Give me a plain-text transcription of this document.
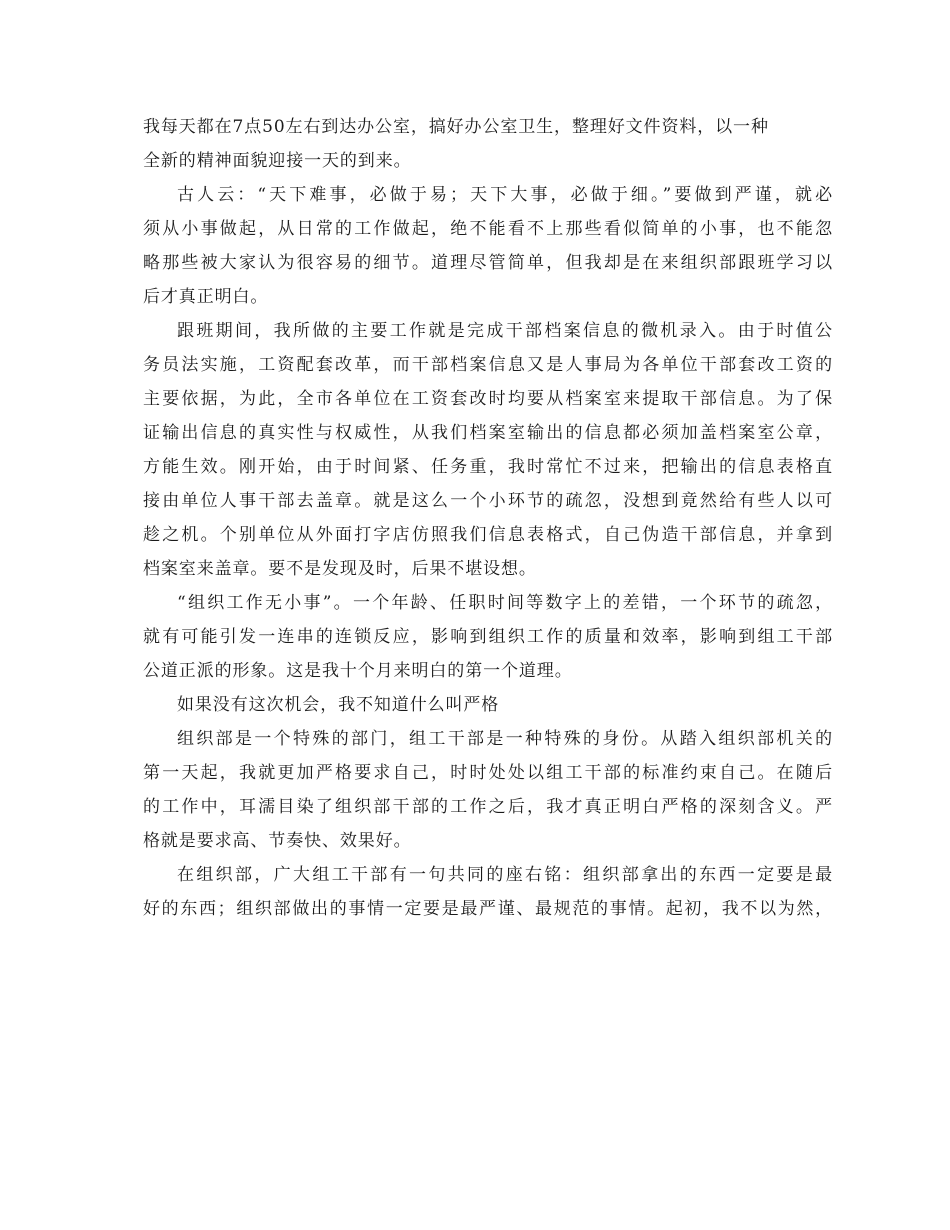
我每天都在7点50左右到达办公室，搞好办公室卫生，整理好文件资料，以一种
全新的精神面貌迎接一天的到来。
古人云：“天下难事，必做于易；天下大事，必做于细。”要做到严谨，就必
须从小事做起，从日常的工作做起，绝不能看不上那些看似简单的小事，也不能忽
略那些被大家认为很容易的细节。道理尽管简单，但我却是在来组织部跟班学习以
后才真正明白。
跟班期间，我所做的主要工作就是完成干部档案信息的微机录入。由于时值公
务员法实施，工资配套改革，而干部档案信息又是人事局为各单位干部套改工资的
主要依据，为此，全市各单位在工资套改时均要从档案室来提取干部信息。为了保
证输出信息的真实性与权威性，从我们档案室输出的信息都必须加盖档案室公章，
方能生效。刚开始，由于时间紧、任务重，我时常忙不过来，把输出的信息表格直
接由单位人事干部去盖章。就是这么一个小环节的疏忽，没想到竟然给有些人以可
趁之机。个别单位从外面打字店仿照我们信息表格式，自己伪造干部信息，并拿到
档案室来盖章。要不是发现及时，后果不堪设想。
“组织工作无小事”。一个年龄、任职时间等数字上的差错，一个环节的疏忽，
就有可能引发一连串的连锁反应，影响到组织工作的质量和效率，影响到组工干部
公道正派的形象。这是我十个月来明白的第一个道理。
如果没有这次机会，我不知道什么叫严格
组织部是一个特殊的部门，组工干部是一种特殊的身份。从踏入组织部机关的
第一天起，我就更加严格要求自己，时时处处以组工干部的标准约束自己。在随后
的工作中，耳濡目染了组织部干部的工作之后，我才真正明白严格的深刻含义。严
格就是要求高、节奏快、效果好。
在组织部，广大组工干部有一句共同的座右铭：组织部拿出的东西一定要是最
好的东西；组织部做出的事情一定要是最严谨、最规范的事情。起初，我不以为然，
